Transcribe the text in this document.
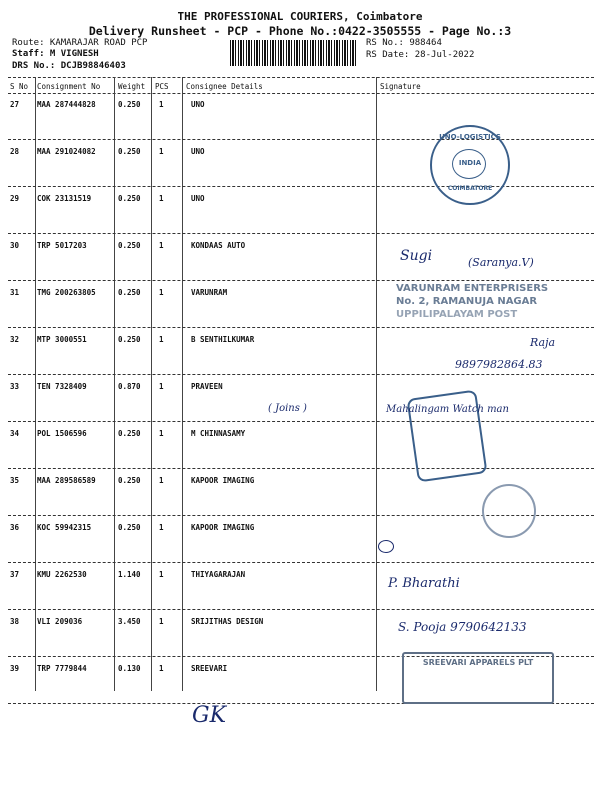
THE PROFESSIONAL COURIERS, Coimbatore
Delivery Runsheet - PCP - Phone No.:0422-3505555 - Page No.:3
Route: KAMARAJAR ROAD PCP
Staff: M VIGNESH
DRS No.: DCJB98846403
RS No.: 988464
RS Date: 28-Jul-2022
S No Consignment No Weight PCS Consignee Details	Signature
27 MAA 287444828	0.250 1	UNO
28 MAA 291024082	0.250 1	UNO
29 COK 23131519	0.250 1	UNO
30 TRP 5017203	0.250 1	KONDAAS AUTO
31 TMG 200263805	0.250 1	VARUNRAM
32 MTP 3000551	0.250 1	B SENTHILKUMAR
33 TEN 7328409	0.870 1	PRAVEEN
34 POL 1506596	0.250 1	M CHINNASAMY
35 MAA 289586589	0.250 1	KAPOOR IMAGING
36 KOC 59942315	0.250 1	KAPOOR IMAGING
37 KMU 2262530	1.140 1	THIYAGARAJAN
38 VLI 209036	3.450 1	SRIJITHAS DESIGN
39 TRP 7779844	0.130 1	SREEVARI
UNO-LOGISTICS
INDIA
COIMBATORE
Sugi	(Saranya.V)
VARUNRAM ENTERPRISERS
No. 2, RAMANUJA NAGAR
UPPILIPALAYAM POST
Raja
9897982864.83
( Joins )	Mahalingam Watch man
P. Bharathi
S. Pooja 9790642133
SREEVARI APPARELS PLT
GK
